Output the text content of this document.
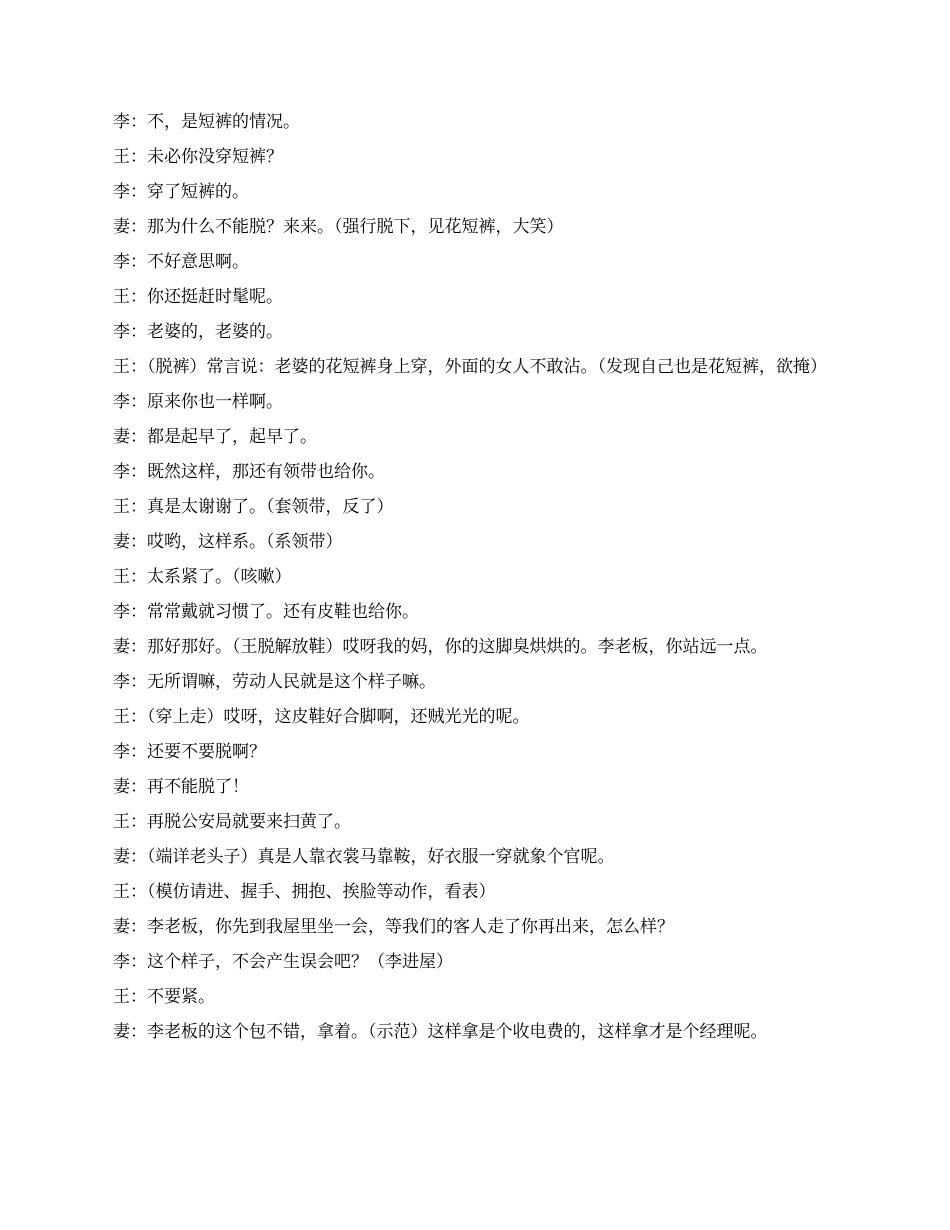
李：不，是短裤的情况。

王：未必你没穿短裤？

李：穿了短裤的。

妻：那为什么不能脱？来来。（强行脱下，见花短裤，大笑）

李：不好意思啊。

王：你还挺赶时髦呢。

李：老婆的，老婆的。

王：（脱裤）常言说：老婆的花短裤身上穿，外面的女人不敢沾。（发现自己也是花短裤，欲掩）

李：原来你也一样啊。

妻：都是起早了，起早了。

李：既然这样，那还有领带也给你。

王：真是太谢谢了。（套领带，反了）

妻：哎哟，这样系。（系领带）

王：太系紧了。（咳嗽）

李：常常戴就习惯了。还有皮鞋也给你。

妻：那好那好。（王脱解放鞋）哎呀我的妈，你的这脚臭烘烘的。李老板，你站远一点。

李：无所谓嘛，劳动人民就是这个样子嘛。

王：（穿上走）哎呀，这皮鞋好合脚啊，还贼光光的呢。

李：还要不要脱啊？

妻：再不能脱了！

王：再脱公安局就要来扫黄了。

妻：（端详老头子）真是人靠衣裳马靠鞍，好衣服一穿就象个官呢。

王：（模仿请进、握手、拥抱、挨脸等动作，看表）

妻：李老板，你先到我屋里坐一会，等我们的客人走了你再出来，怎么样？

李：这个样子，不会产生误会吧？（李进屋）

王：不要紧。

妻：李老板的这个包不错，拿着。（示范）这样拿是个收电费的，这样拿才是个经理呢。
